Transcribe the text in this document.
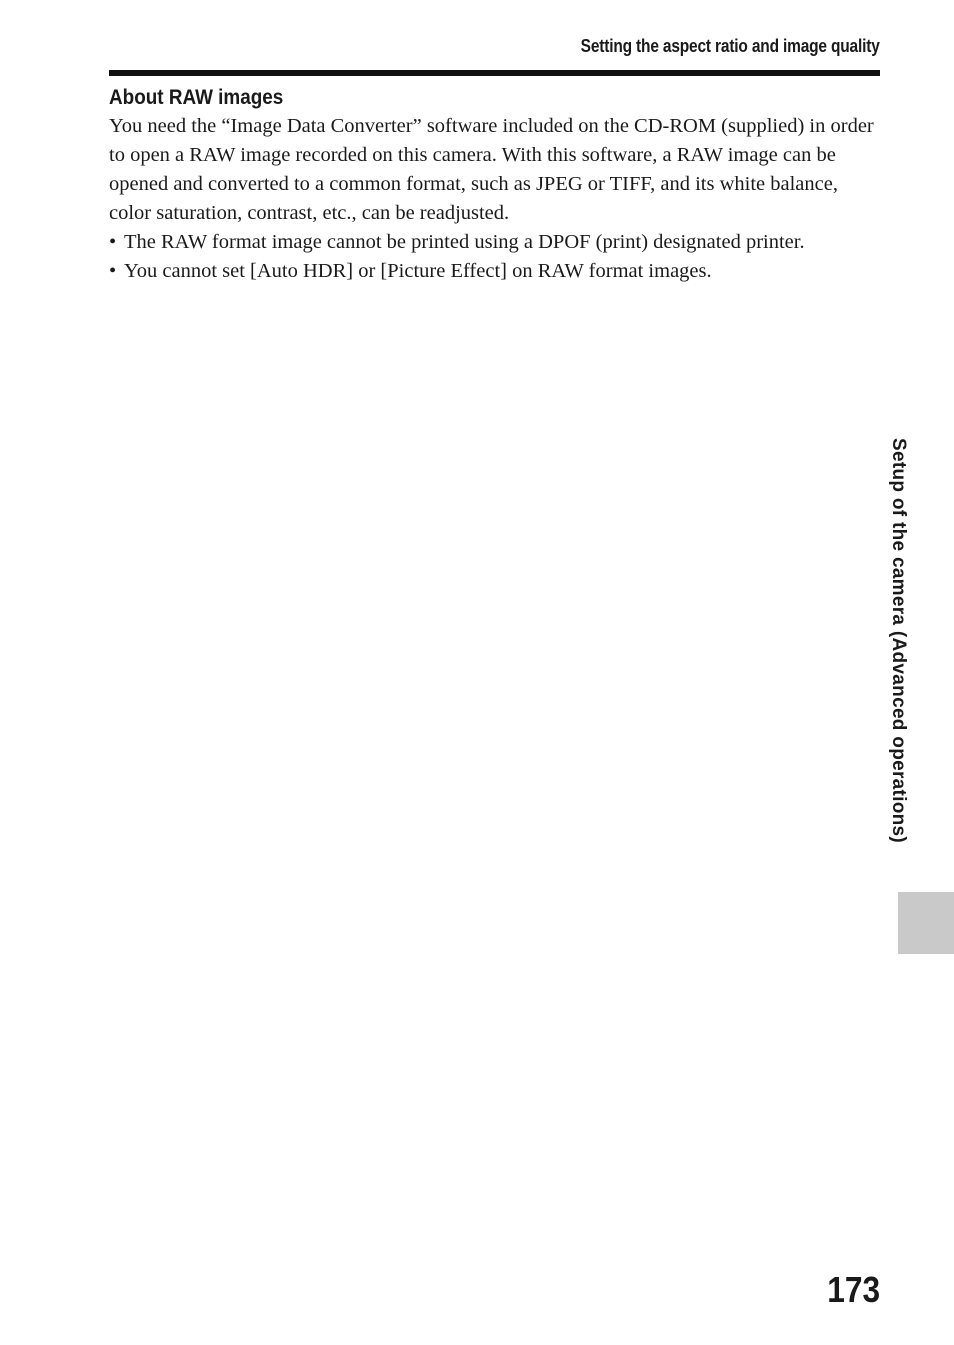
Setting the aspect ratio and image quality
About RAW images

You need the “Image Data Converter” software included on the CD-ROM (supplied) in order to open a RAW image recorded on this camera. With this software, a RAW image can be opened and converted to a common format, such as JPEG or TIFF, and its white balance, color saturation, contrast, etc., can be readjusted.

• The RAW format image cannot be printed using a DPOF (print) designated printer.
• You cannot set [Auto HDR] or [Picture Effect] on RAW format images.
Setup of the camera (Advanced operations)
173
